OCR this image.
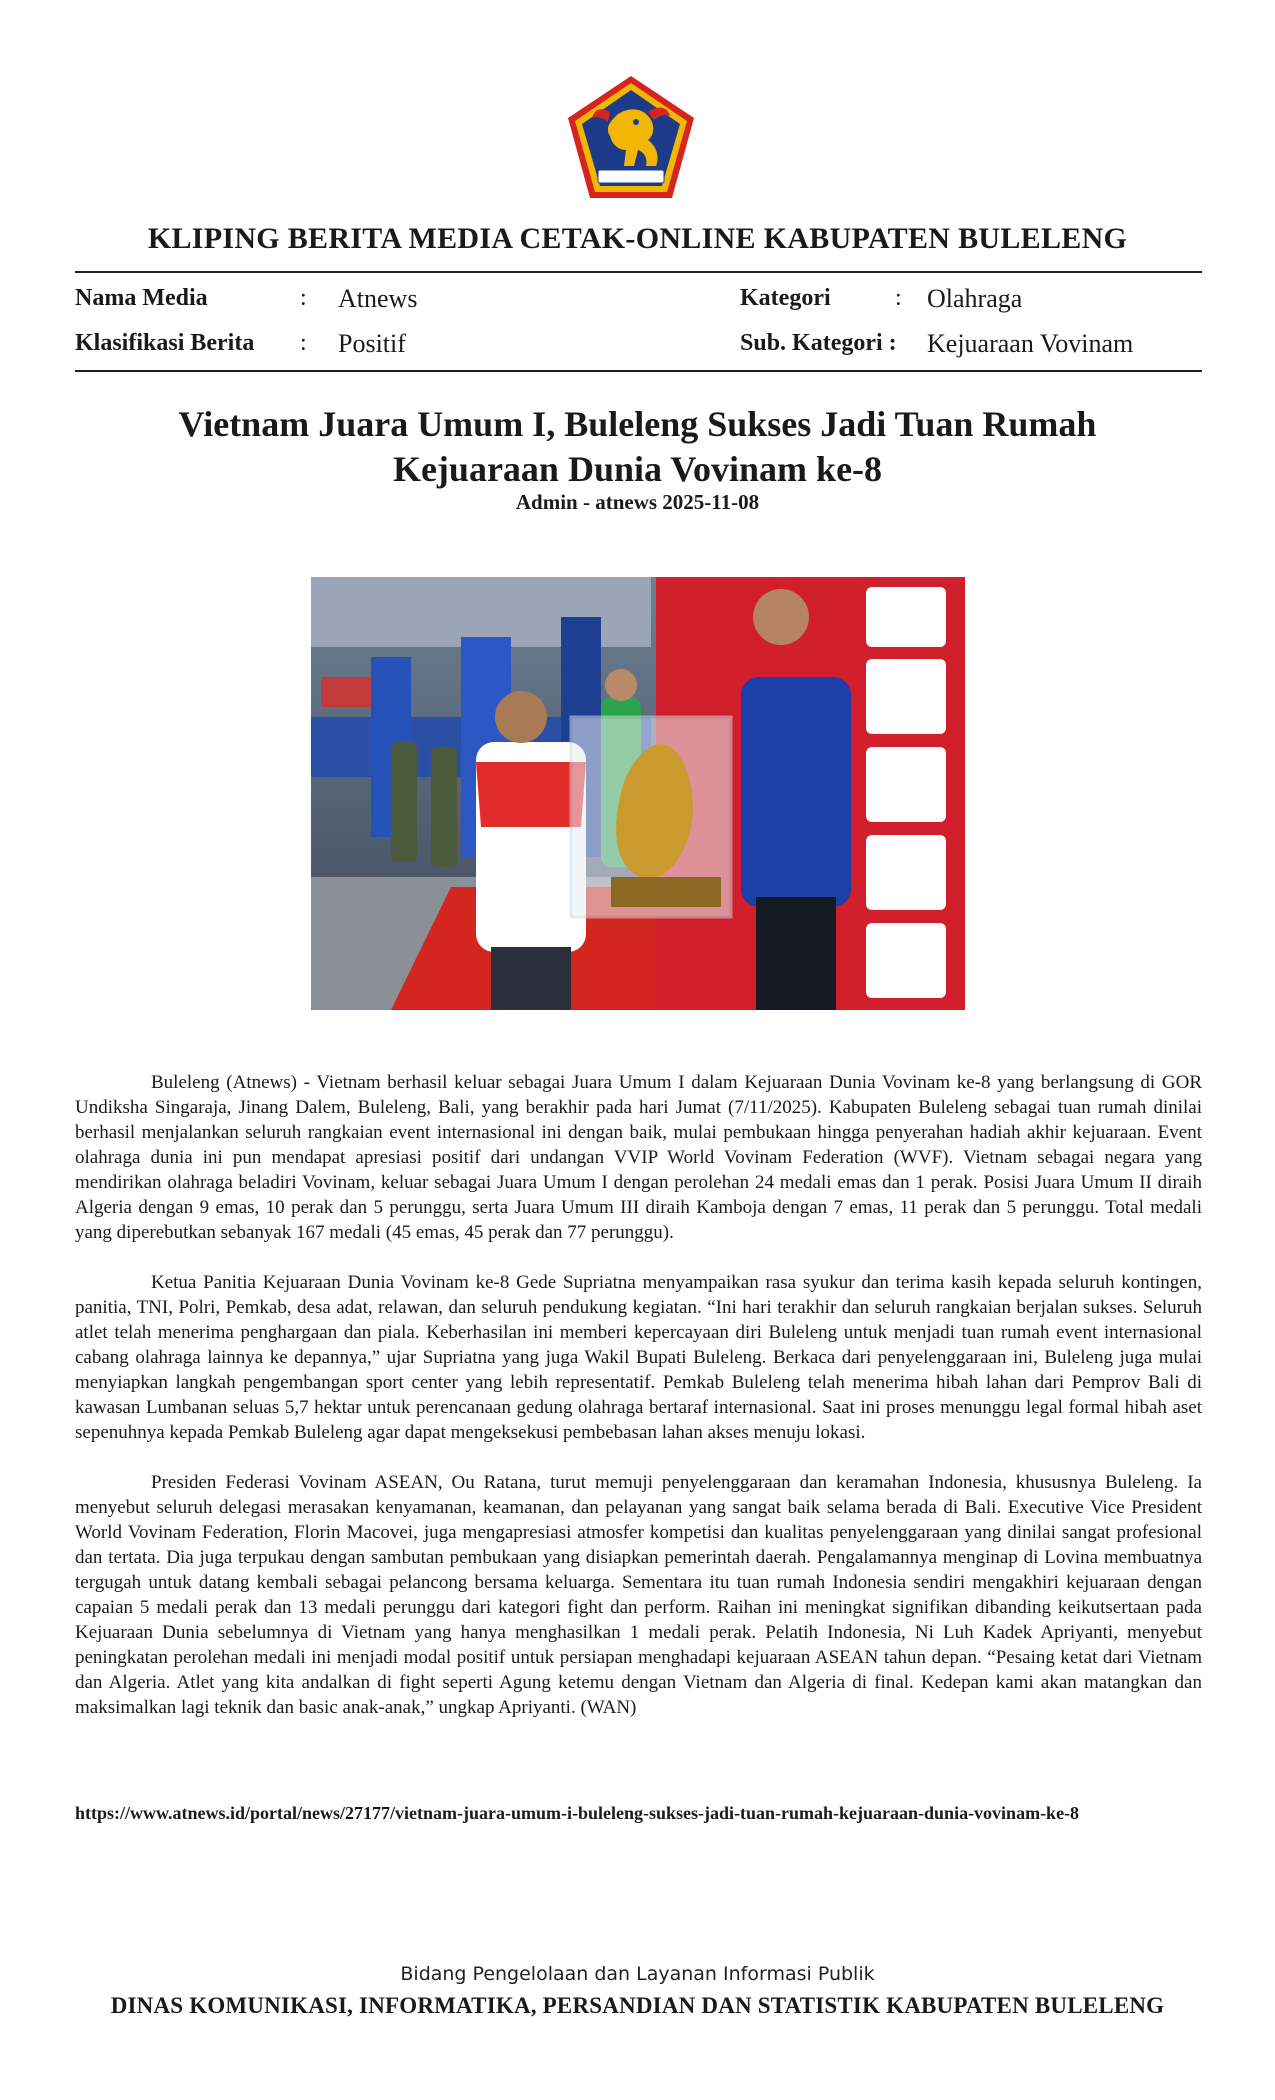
KLIPING BERITA MEDIA CETAK-ONLINE KABUPATEN BULELENG
Nama Media	: Atnews
Klasifikasi Berita : Positif
Kategori	: Olahraga
Sub. Kategori : Kejuaraan Vovinam
Vietnam Juara Umum I, Buleleng Sukses Jadi Tuan Rumah
Kejuaraan Dunia Vovinam ke-8
Admin - atnews 2025-11-08

Buleleng (Atnews) - Vietnam berhasil keluar sebagai Juara Umum I dalam Kejuaraan Dunia Vovinam ke-8 yang berlangsung di GOR Undiksha Singaraja, Jinang Dalem, Buleleng, Bali, yang berakhir pada hari Jumat (7/11/2025). Kabupaten Buleleng sebagai tuan rumah dinilai berhasil menjalankan seluruh rangkaian event internasional ini dengan baik, mulai pembukaan hingga penyerahan hadiah akhir kejuaraan. Event olahraga dunia ini pun mendapat apresiasi positif dari undangan VVIP World Vovinam Federation (WVF). Vietnam sebagai negara yang mendirikan olahraga beladiri Vovinam, keluar sebagai Juara Umum I dengan perolehan 24 medali emas dan 1 perak. Posisi Juara Umum II diraih Algeria dengan 9 emas, 10 perak dan 5 perunggu, serta Juara Umum III diraih Kamboja dengan 7 emas, 11 perak dan 5 perunggu. Total medali yang diperebutkan sebanyak 167 medali (45 emas, 45 perak dan 77 perunggu).

Ketua Panitia Kejuaraan Dunia Vovinam ke-8 Gede Supriatna menyampaikan rasa syukur dan terima kasih kepada seluruh kontingen, panitia, TNI, Polri, Pemkab, desa adat, relawan, dan seluruh pendukung kegiatan. “Ini hari terakhir dan seluruh rangkaian berjalan sukses. Seluruh atlet telah menerima penghargaan dan piala. Keberhasilan ini memberi kepercayaan diri Buleleng untuk menjadi tuan rumah event internasional cabang olahraga lainnya ke depannya,” ujar Supriatna yang juga Wakil Bupati Buleleng. Berkaca dari penyelenggaraan ini, Buleleng juga mulai menyiapkan langkah pengembangan sport center yang lebih representatif. Pemkab Buleleng telah menerima hibah lahan dari Pemprov Bali di kawasan Lumbanan seluas 5,7 hektar untuk perencanaan gedung olahraga bertaraf internasional. Saat ini proses menunggu legal formal hibah aset sepenuhnya kepada Pemkab Buleleng agar dapat mengeksekusi pembebasan lahan akses menuju lokasi.

Presiden Federasi Vovinam ASEAN, Ou Ratana, turut memuji penyelenggaraan dan keramahan Indonesia, khususnya Buleleng. Ia menyebut seluruh delegasi merasakan kenyamanan, keamanan, dan pelayanan yang sangat baik selama berada di Bali. Executive Vice President World Vovinam Federation, Florin Macovei, juga mengapresiasi atmosfer kompetisi dan kualitas penyelenggaraan yang dinilai sangat profesional dan tertata. Dia juga terpukau dengan sambutan pembukaan yang disiapkan pemerintah daerah. Pengalamannya menginap di Lovina membuatnya tergugah untuk datang kembali sebagai pelancong bersama keluarga. Sementara itu tuan rumah Indonesia sendiri mengakhiri kejuaraan dengan capaian 5 medali perak dan 13 medali perunggu dari kategori fight dan perform. Raihan ini meningkat signifikan dibanding keikutsertaan pada Kejuaraan Dunia sebelumnya di Vietnam yang hanya menghasilkan 1 medali perak. Pelatih Indonesia, Ni Luh Kadek Apriyanti, menyebut peningkatan perolehan medali ini menjadi modal positif untuk persiapan menghadapi kejuaraan ASEAN tahun depan. “Pesaing ketat dari Vietnam dan Algeria. Atlet yang kita andalkan di fight seperti Agung ketemu dengan Vietnam dan Algeria di final. Kedepan kami akan matangkan dan maksimalkan lagi teknik dan basic anak-anak,” ungkap Apriyanti. (WAN)

https://www.atnews.id/portal/news/27177/vietnam-juara-umum-i-buleleng-sukses-jadi-tuan-rumah-kejuaraan-dunia-vovinam-ke-8
Bidang Pengelolaan dan Layanan Informasi Publik
DINAS KOMUNIKASI, INFORMATIKA, PERSANDIAN DAN STATISTIK KABUPATEN BULELENG
